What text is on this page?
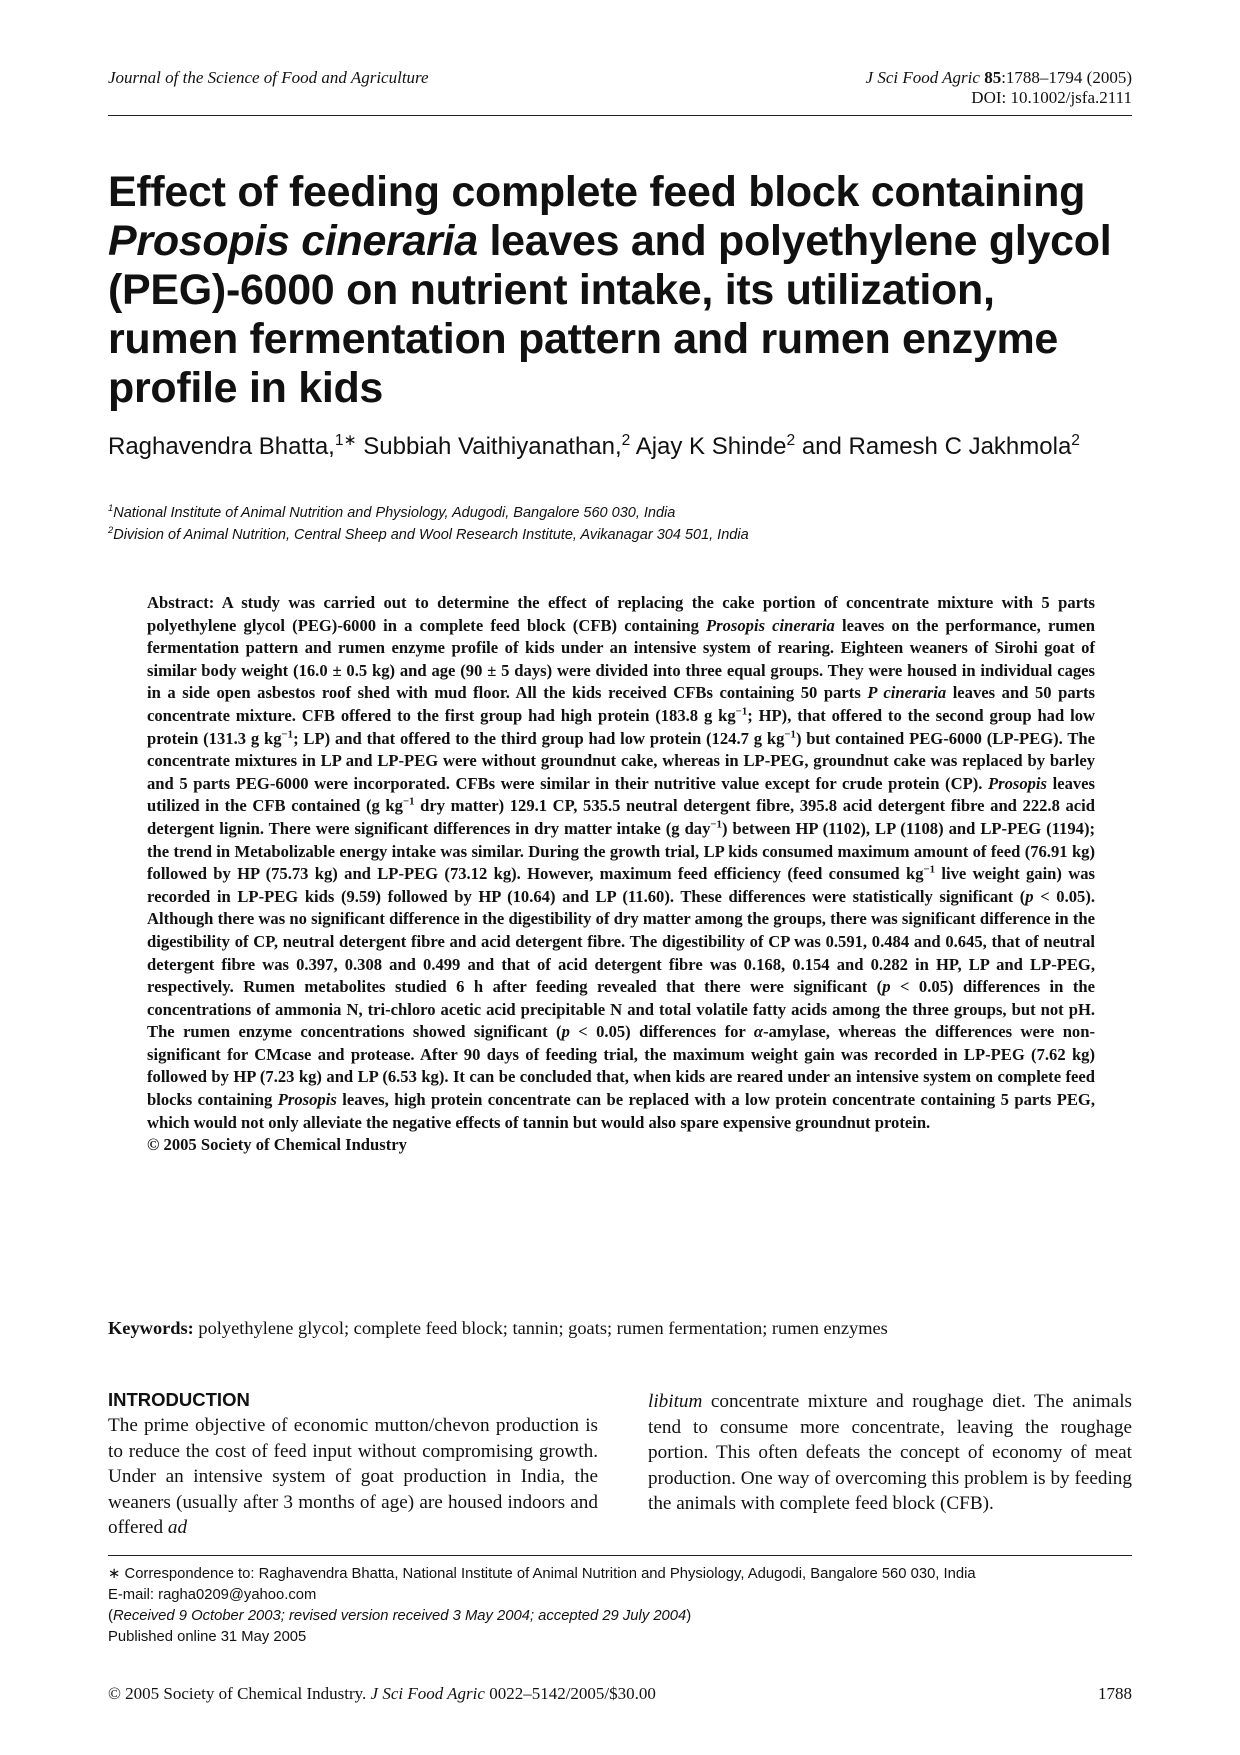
Journal of the Science of Food and Agriculture	J Sci Food Agric 85:1788–1794 (2005)
DOI: 10.1002/jsfa.2111
Effect of feeding complete feed block containing Prosopis cineraria leaves and polyethylene glycol (PEG)-6000 on nutrient intake, its utilization, rumen fermentation pattern and rumen enzyme profile in kids
Raghavendra Bhatta,$^{1∗}$ Subbiah Vaithiyanathan,$^2$ Ajay K Shinde$^2$ and Ramesh C Jakhmola$^2$
$^1$National Institute of Animal Nutrition and Physiology, Adugodi, Bangalore 560 030, India
$^2$Division of Animal Nutrition, Central Sheep and Wool Research Institute, Avikanagar 304 501, India

Abstract: A study was carried out to determine the effect of replacing the cake portion of concentrate mixture with 5 parts polyethylene glycol (PEG)-6000 in a complete feed block (CFB) containing Prosopis cineraria leaves on the performance, rumen fermentation pattern and rumen enzyme profile of kids under an intensive system of rearing. Eighteen weaners of Sirohi goat of similar body weight (16.0 ± 0.5 kg) and age (90 ± 5 days) were divided into three equal groups. They were housed in individual cages in a side open asbestos roof shed with mud floor. All the kids received CFBs containing 50 parts P cineraria leaves and 50 parts concentrate mixture. CFB offered to the first group had high protein (183.8 g $kg^{-1}$; HP), that offered to the second group had low protein (131.3 g $kg^{-1}$; LP) and that offered to the third group had low protein (124.7 g $kg^{-1}$) but contained PEG-6000 (LP-PEG). The concentrate mixtures in LP and LP-PEG were without groundnut cake, whereas in LP-PEG, groundnut cake was replaced by barley and 5 parts PEG-6000 were incorporated. CFBs were similar in their nutritive value except for crude protein (CP). Prosopis leaves utilized in the CFB contained (g $kg^{-1}$ dry matter) 129.1 CP, 535.5 neutral detergent fibre, 395.8 acid detergent fibre and 222.8 acid detergent lignin. There were significant differences in dry matter intake (g day$^{-1}$) between HP (1102), LP (1108) and LP-PEG (1194); the trend in Metabolizable energy intake was similar. During the growth trial, LP kids consumed maximum amount of feed (76.91 kg) followed by HP (75.73 kg) and LP-PEG (73.12 kg). However, maximum feed efficiency (feed consumed $kg^{-1}$ live weight gain) was recorded in LP-PEG kids (9.59) followed by HP (10.64) and LP (11.60). These differences were statistically significant (p < 0.05). Although there was no significant difference in the digestibility of dry matter among the groups, there was significant difference in the digestibility of CP, neutral detergent fibre and acid detergent fibre. The digestibility of CP was 0.591, 0.484 and 0.645, that of neutral detergent fibre was 0.397, 0.308 and 0.499 and that of acid detergent fibre was 0.168, 0.154 and 0.282 in HP, LP and LP-PEG, respectively. Rumen metabolites studied 6 h after feeding revealed that there were significant (p < 0.05) differences in the concentrations of ammonia N, tri-chloro acetic acid precipitable N and total volatile fatty acids among the three groups, but not pH. The rumen enzyme concentrations showed significant (p < 0.05) differences for α-amylase, whereas the differences were non-significant for CMcase and protease. After 90 days of feeding trial, the maximum weight gain was recorded in LP-PEG (7.62 kg) followed by HP (7.23 kg) and LP (6.53 kg). It can be concluded that, when kids are reared under an intensive system on complete feed blocks containing Prosopis leaves, high protein concentrate can be replaced with a low protein concentrate containing 5 parts PEG, which would not only alleviate the negative effects of tannin but would also spare expensive groundnut protein.

© 2005 Society of Chemical Industry

Keywords: polyethylene glycol; complete feed block; tannin; goats; rumen fermentation; rumen enzymes
INTRODUCTION

The prime objective of economic mutton/chevon production is to reduce the cost of feed input without compromising growth. Under an intensive system of goat production in India, the weaners (usually after 3 months of age) are housed indoors and offered ad

libitum concentrate mixture and roughage diet. The animals tend to consume more concentrate, leaving the roughage portion. This often defeats the concept of economy of meat production. One way of overcoming this problem is by feeding the animals with complete feed block (CFB).

∗ Correspondence to: Raghavendra Bhatta, National Institute of Animal Nutrition and Physiology, Adugodi, Bangalore 560 030, India
E-mail: ragha0209@yahoo.com
(Received 9 October 2003; revised version received 3 May 2004; accepted 29 July 2004)
Published online 31 May 2005
© 2005 Society of Chemical Industry. J Sci Food Agric 0022–5142/2005/$30.00	1788
